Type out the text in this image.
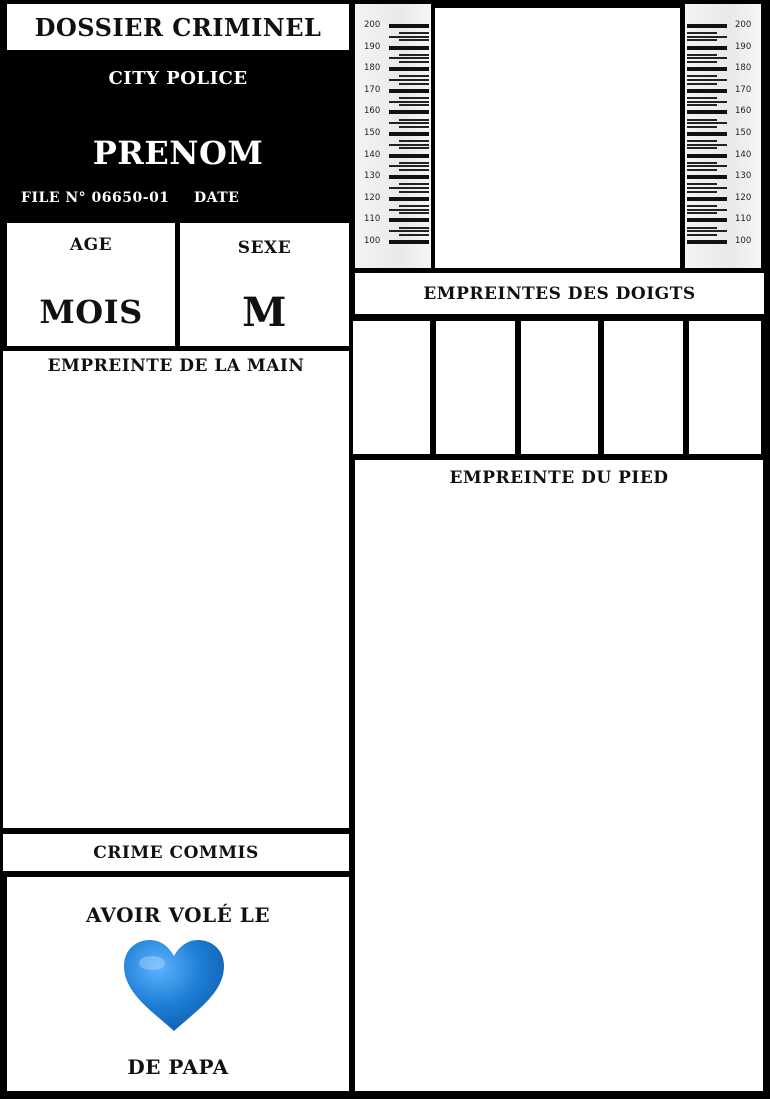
DOSSIER CRIMINEL
CITY POLICE
PRENOM
FILE N° 06650-01 DATE
AGE
MOIS
SEXE
M
200
190
180
170
160
150
140
130
120
110
100
200
190
180
170
160
150
140
130
120
110
100
EMPREINTES DES DOIGTS
EMPREINTE DE LA MAIN
EMPREINTE DU PIED
CRIME COMMIS
AVOIR VOLÉ LE
DE PAPA
